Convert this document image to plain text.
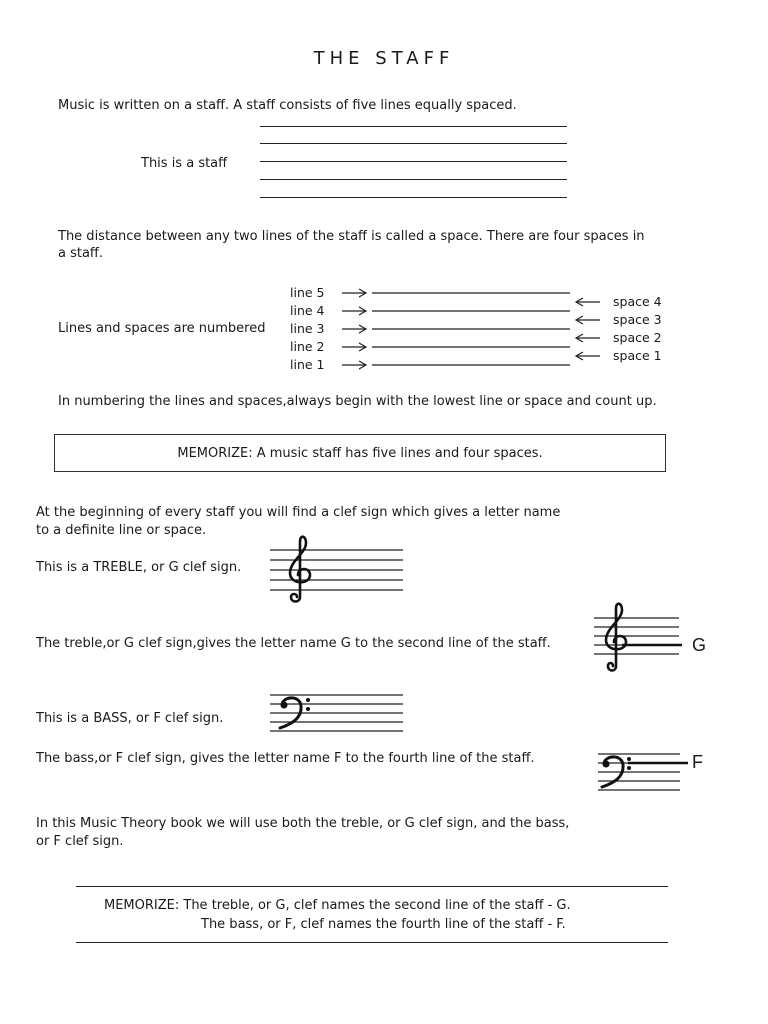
THE STAFF
Music is written on a staff. A staff consists of five lines equally spaced.
This is a staff
The distance between any two lines of the staff is called a space. There are four spaces in
a staff.
Lines and spaces are numbered
line 5
line 4
line 3
line 2
line 1
space 4
space 3
space 2
space 1
In numbering the lines and spaces,always begin with the lowest line or space and count up.
MEMORIZE: A music staff has five lines and four spaces.
At the beginning of every staff you will find a clef sign which gives a letter name
to a definite line or space.
This is a TREBLE, or G clef sign.
The treble,or G clef sign,gives the letter name G to the second line of the staff.	G
This is a BASS, or F clef sign.
The bass,or F clef sign, gives the letter name F to the fourth line of the staff.	F
In this Music Theory book we will use both the treble, or G clef sign, and the bass,
or F clef sign.
MEMORIZE: The treble, or G, clef names the second line of the staff - G.
The bass, or F, clef names the fourth line of the staff - F.
